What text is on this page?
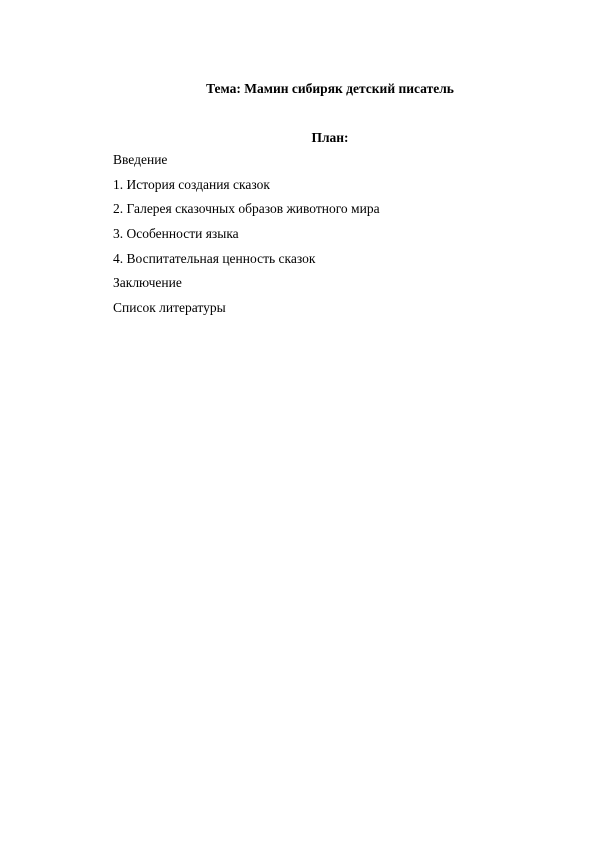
Тема: Мамин сибиряк детский писатель
План:
Введение
1. История создания сказок
2. Галерея сказочных образов животного мира
3. Особенности языка
4. Воспитательная ценность сказок
Заключение
Список литературы
